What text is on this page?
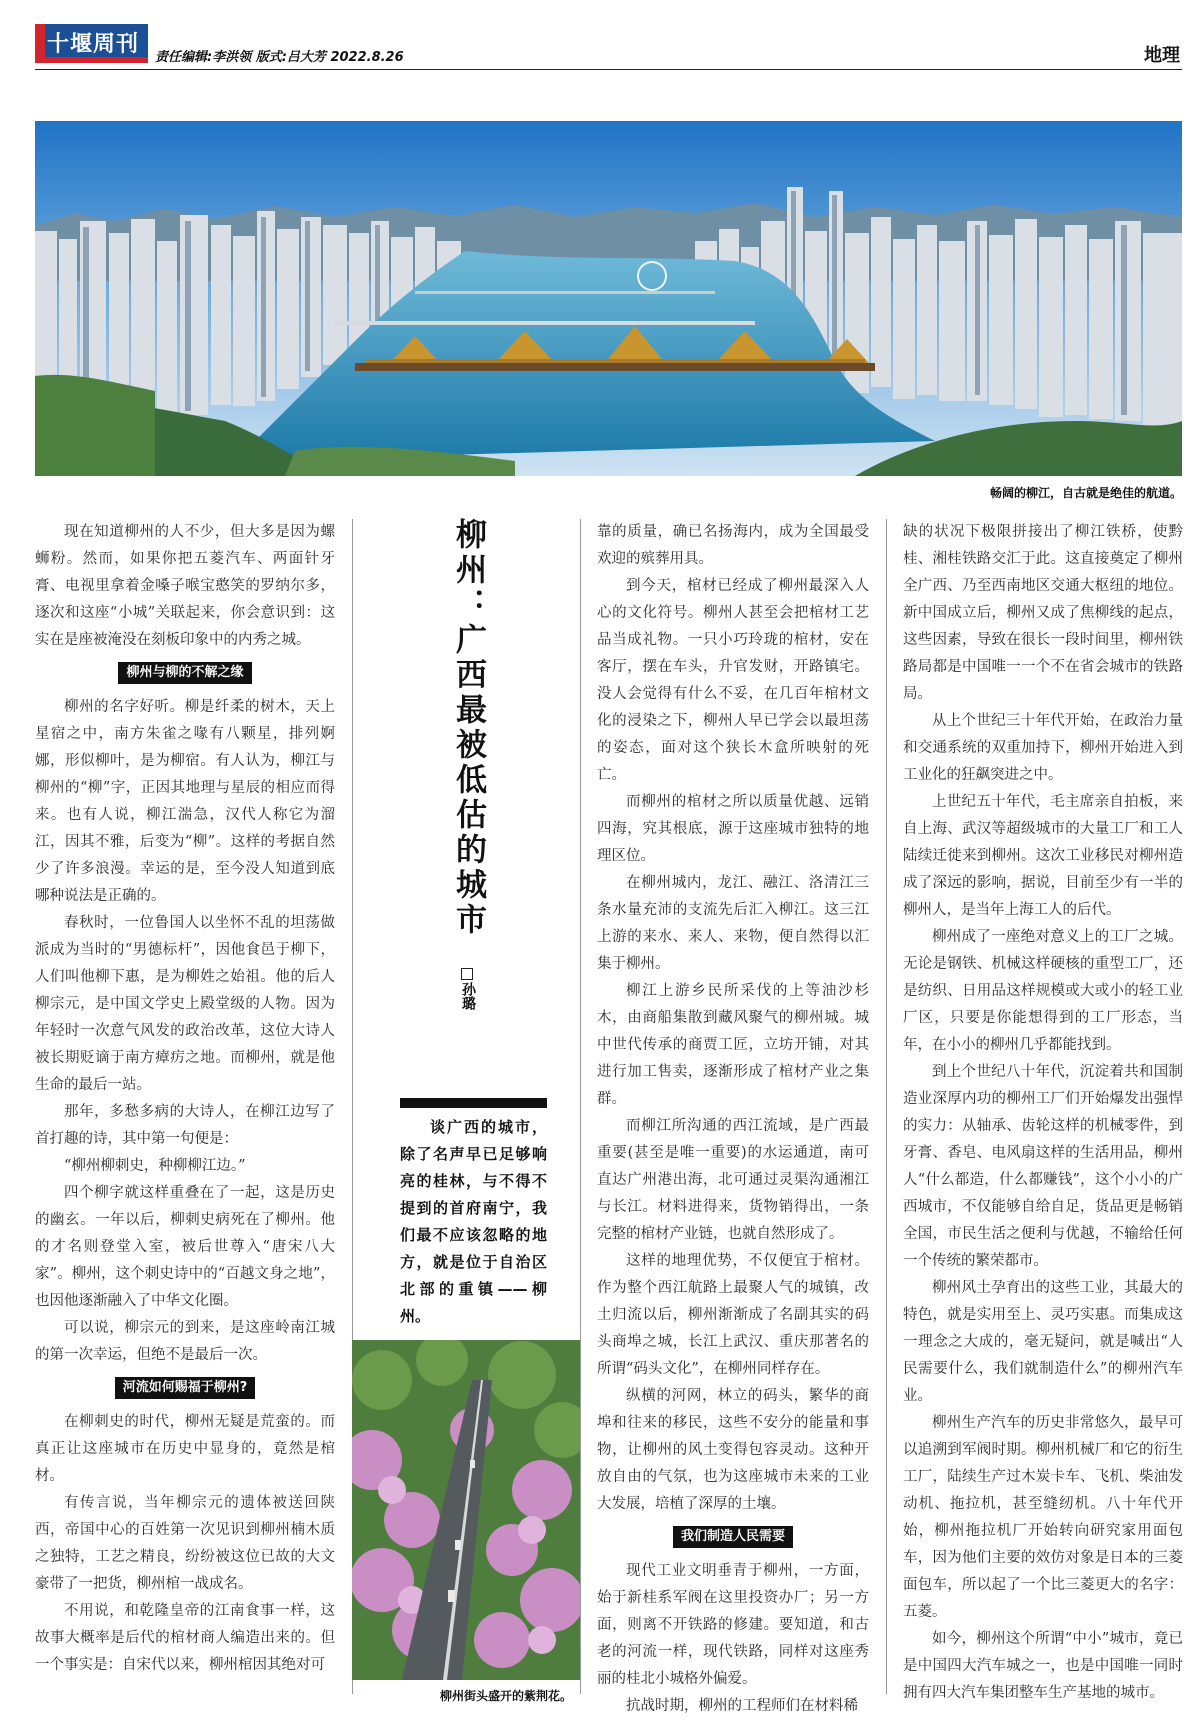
十堰周刊
责任编辑:李洪领 版式:吕大芳 2022.8.26	地理
畅阔的柳江，自古就是绝佳的航道。

现在知道柳州的人不少，但大多是因为螺蛳粉。然而，如果你把五菱汽车、两面针牙膏、电视里拿着金嗓子喉宝憨笑的罗纳尔多，逐次和这座“小城”关联起来，你会意识到：这实在是座被淹没在刻板印象中的内秀之城。

柳州与柳的不解之缘

柳州的名字好听。柳是纤柔的树木，天上星宿之中，南方朱雀之喙有八颗星，排列婀娜，形似柳叶，是为柳宿。有人认为，柳江与柳州的“柳”字，正因其地理与星辰的相应而得来。也有人说，柳江湍急，汉代人称它为溜江，因其不雅，后变为“柳”。这样的考据自然少了许多浪漫。幸运的是，至今没人知道到底哪种说法是正确的。

春秋时，一位鲁国人以坐怀不乱的坦荡做派成为当时的“男德标杆”，因他食邑于柳下，人们叫他柳下惠，是为柳姓之始祖。他的后人柳宗元，是中国文学史上殿堂级的人物。因为年轻时一次意气风发的政治改革，这位大诗人被长期贬谪于南方瘴疠之地。而柳州，就是他生命的最后一站。

那年，多愁多病的大诗人，在柳江边写了首打趣的诗，其中第一句便是：

“柳州柳刺史，种柳柳江边。”

四个柳字就这样重叠在了一起，这是历史的幽玄。一年以后，柳刺史病死在了柳州。他的才名则登堂入室，被后世尊入“唐宋八大家”。柳州，这个刺史诗中的“百越文身之地”，也因他逐渐融入了中华文化圈。

可以说，柳宗元的到来，是这座岭南江城的第一次幸运，但绝不是最后一次。

河流如何赐福于柳州?

在柳刺史的时代，柳州无疑是荒蛮的。而真正让这座城市在历史中显身的，竟然是棺材。

有传言说，当年柳宗元的遗体被送回陕西，帝国中心的百姓第一次见识到柳州楠木质之独特，工艺之精良，纷纷被这位已故的大文豪带了一把货，柳州棺一战成名。

不用说，和乾隆皇帝的江南食事一样，这故事大概率是后代的棺材商人编造出来的。但一个事实是：自宋代以来，柳州棺因其绝对可

柳州：广西最被低估的城市
孙璐

谈广西的城市，除了名声早已足够响亮的桂林，与不得不提到的首府南宁，我们最不应该忽略的地方，就是位于自治区北部的重镇——柳州。

柳州街头盛开的紫荆花。

靠的质量，确已名扬海内，成为全国最受欢迎的殡葬用具。

到今天，棺材已经成了柳州最深入人心的文化符号。柳州人甚至会把棺材工艺品当成礼物。一只小巧玲珑的棺材，安在客厅，摆在车头，升官发财，开路镇宅。没人会觉得有什么不妥，在几百年棺材文化的浸染之下，柳州人早已学会以最坦荡的姿态，面对这个狭长木盒所映射的死亡。

而柳州的棺材之所以质量优越、远销四海，究其根底，源于这座城市独特的地理区位。

在柳州城内，龙江、融江、洛清江三条水量充沛的支流先后汇入柳江。这三江上游的来水、来人、来物，便自然得以汇集于柳州。

柳江上游乡民所采伐的上等油沙杉木，由商船集散到藏风聚气的柳州城。城中世代传承的商贾工匠，立坊开铺，对其进行加工售卖，逐渐形成了棺材产业之集群。

而柳江所沟通的西江流域，是广西最重要(甚至是唯一重要)的水运通道，南可直达广州港出海，北可通过灵渠沟通湘江与长江。材料进得来，货物销得出，一条完整的棺材产业链，也就自然形成了。

这样的地理优势，不仅便宜于棺材。作为整个西江航路上最聚人气的城镇，改土归流以后，柳州渐渐成了名副其实的码头商埠之城，长江上武汉、重庆那著名的所谓“码头文化”，在柳州同样存在。

纵横的河网，林立的码头，繁华的商埠和往来的移民，这些不安分的能量和事物，让柳州的风土变得包容灵动。这种开放自由的气氛，也为这座城市未来的工业大发展，培植了深厚的土壤。

我们制造人民需要

现代工业文明垂青于柳州，一方面，始于新桂系军阀在这里投资办厂；另一方面，则离不开铁路的修建。要知道，和古老的河流一样，现代铁路，同样对这座秀丽的桂北小城格外偏爱。

抗战时期，柳州的工程师们在材料稀

缺的状况下极限拼接出了柳江铁桥，使黔桂、湘桂铁路交汇于此。这直接奠定了柳州全广西、乃至西南地区交通大枢纽的地位。新中国成立后，柳州又成了焦柳线的起点，这些因素，导致在很长一段时间里，柳州铁路局都是中国唯一一个不在省会城市的铁路局。

从上个世纪三十年代开始，在政治力量和交通系统的双重加持下，柳州开始进入到工业化的狂飙突进之中。

上世纪五十年代，毛主席亲自拍板，来自上海、武汉等超级城市的大量工厂和工人陆续迁徙来到柳州。这次工业移民对柳州造成了深远的影响，据说，目前至少有一半的柳州人，是当年上海工人的后代。

柳州成了一座绝对意义上的工厂之城。无论是钢铁、机械这样硬核的重型工厂，还是纺织、日用品这样规模或大或小的轻工业厂区，只要是你能想得到的工厂形态，当年，在小小的柳州几乎都能找到。

到上个世纪八十年代，沉淀着共和国制造业深厚内功的柳州工厂们开始爆发出强悍的实力：从轴承、齿轮这样的机械零件，到牙膏、香皂、电风扇这样的生活用品，柳州人“什么都造，什么都赚钱”，这个小小的广西城市，不仅能够自给自足，货品更是畅销全国，市民生活之便利与优越，不输给任何一个传统的繁荣都市。

柳州风土孕育出的这些工业，其最大的特色，就是实用至上、灵巧实惠。而集成这一理念之大成的，毫无疑问，就是喊出“人民需要什么，我们就制造什么”的柳州汽车业。

柳州生产汽车的历史非常悠久，最早可以追溯到军阀时期。柳州机械厂和它的衍生工厂，陆续生产过木炭卡车、飞机、柴油发动机、拖拉机，甚至缝纫机。八十年代开始，柳州拖拉机厂开始转向研究家用面包车，因为他们主要的效仿对象是日本的三菱面包车，所以起了一个比三菱更大的名字：五菱。

如今，柳州这个所谓“中小”城市，竟已是中国四大汽车城之一，也是中国唯一同时拥有四大汽车集团整车生产基地的城市。
